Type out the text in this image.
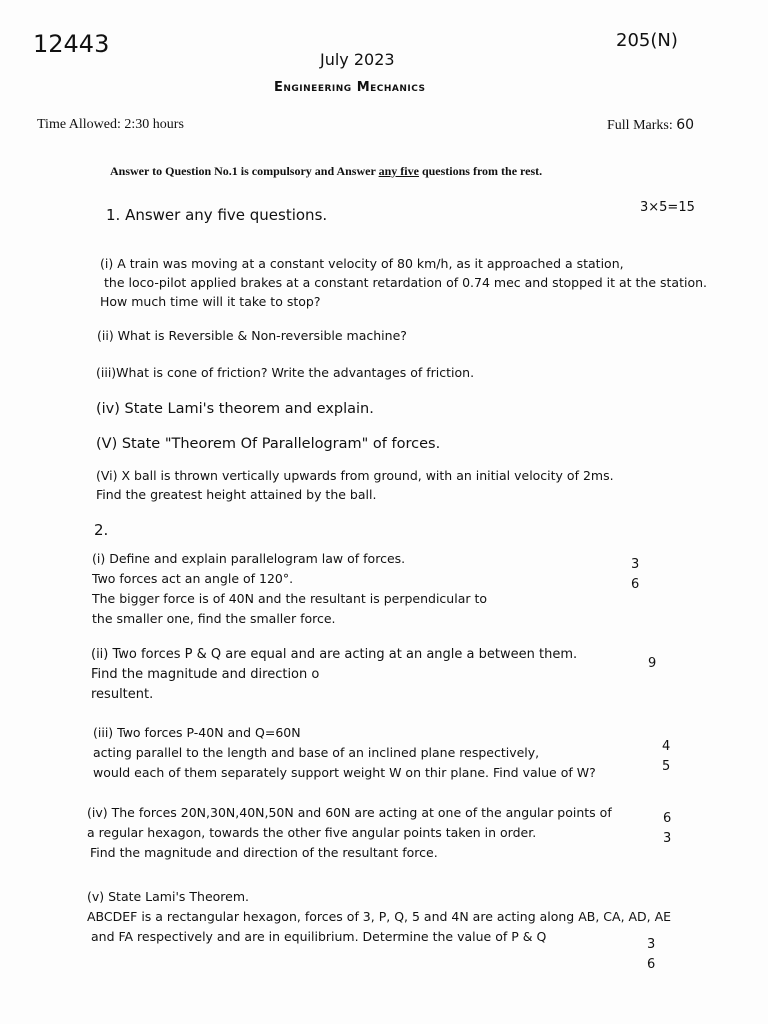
12443	205(N)
July 2023
Engineering Mechanics
Time Allowed: 2:30 hours	Full Marks: 60
Answer to Question No.1 is compulsory and Answer any five questions from the rest.
1. Answer any five questions.	3×5=15
(i) A train was moving at a constant velocity of 80 km/h, as it approached a station,
the loco-pilot applied brakes at a constant retardation of 0.74 mec and stopped it at the station.
How much time will it take to stop?
(ii) What is Reversible & Non-reversible machine?
(iii)What is cone of friction? Write the advantages of friction.
(iv) State Lami's theorem and explain.
(V) State "Theorem Of Parallelogram" of forces.
(Vi) X ball is thrown vertically upwards from ground, with an initial velocity of 2ms.
Find the greatest height attained by the ball.
2.
(i) Define and explain parallelogram law of forces.
Two forces act an angle of 120°.
The bigger force is of 40N and the resultant is perpendicular to
the smaller one, find the smaller force.
3
6
(ii) Two forces P & Q are equal and are acting at an angle a between them.
Find the magnitude and direction o
resultent.
9
(iii) Two forces P-40N and Q=60N
acting parallel to the length and base of an inclined plane respectively,
would each of them separately support weight W on thir plane. Find value of W?
4
5
(iv) The forces 20N,30N,40N,50N and 60N are acting at one of the angular points of
a regular hexagon, towards the other five angular points taken in order.
Find the magnitude and direction of the resultant force.
6
3
(v) State Lami's Theorem.
ABCDEF is a rectangular hexagon, forces of 3, P, Q, 5 and 4N are acting along AB, CA, AD, AE
and FA respectively and are in equilibrium. Determine the value of P & Q
3
6
